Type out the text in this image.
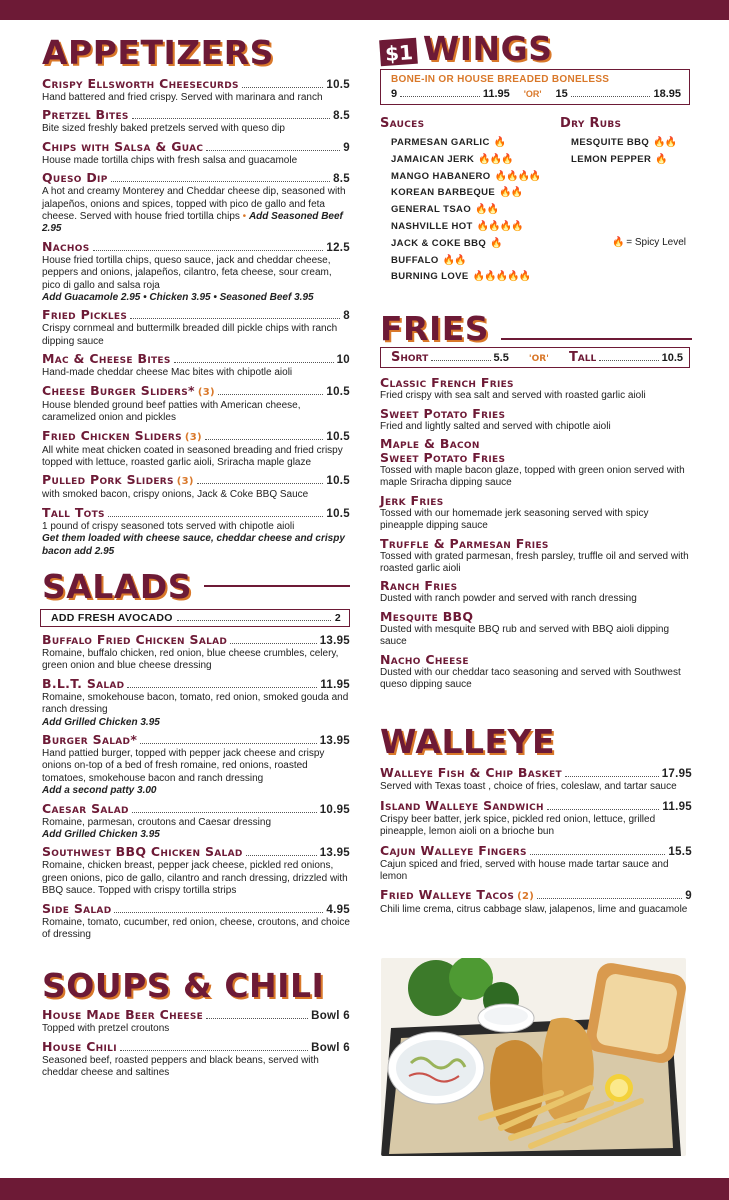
APPETIZERS
Crispy Ellsworth Cheesecurds	10.5
Hand battered and fried crispy. Served with marinara and ranch
Pretzel Bites	8.5
Bite sized freshly baked pretzels served with queso dip
Chips with Salsa & Guac	9
House made tortilla chips with fresh salsa and guacamole
Queso Dip	8.5
A hot and creamy Monterey and Cheddar cheese dip, seasoned with jalapeños, onions and spices, topped with pico de gallo and feta cheese. Served with house fried tortilla chips • Add Seasoned Beef 2.95
Nachos	12.5
House fried tortilla chips, queso sauce, jack and cheddar cheese, peppers and onions, jalapeños, cilantro, feta cheese, sour cream, pico di gallo and salsa roja
Add Guacamole 2.95 • Chicken 3.95 • Seasoned Beef 3.95
Fried Pickles	8
Crispy cornmeal and buttermilk breaded dill pickle chips with ranch dipping sauce
Mac & Cheese Bites	10
Hand-made cheddar cheese Mac bites with chipotle aioli
Cheese Burger Sliders* (3)	10.5
House blended ground beef patties with American cheese, caramelized onion and pickles
Fried Chicken Sliders (3)	10.5
All white meat chicken coated in seasoned breading and fried crispy topped with lettuce, roasted garlic aioli, Sriracha maple glaze
Pulled Pork Sliders (3)	10.5
with smoked bacon, crispy onions, Jack & Coke BBQ Sauce
Tall Tots	10.5
1 pound of crispy seasoned tots served with chipotle aioli
Get them loaded with cheese sauce, cheddar cheese and crispy bacon add 2.95
SALADS
ADD FRESH AVOCADO	2
Buffalo Fried Chicken Salad	13.95
Romaine, buffalo chicken, red onion, blue cheese crumbles, celery, green onion and blue cheese dressing
B.L.T. Salad	11.95
Romaine, smokehouse bacon, tomato, red onion, smoked gouda and ranch dressing
Add Grilled Chicken 3.95
Burger Salad*	13.95
Hand pattied burger, topped with pepper jack cheese and crispy onions on-top of a bed of fresh romaine, red onions, roasted tomatoes, smokehouse bacon and ranch dressing
Add a second patty 3.00
Caesar Salad	10.95
Romaine, parmesan, croutons and Caesar dressing
Add Grilled Chicken 3.95
Southwest BBQ Chicken Salad	13.95
Romaine, chicken breast, pepper jack cheese, pickled red onions, green onions, pico de gallo, cilantro and ranch dressing, drizzled with BBQ sauce. Topped with crispy tortilla strips
Side Salad	4.95
Romaine, tomato, cucumber, red onion, cheese, croutons, and choice of dressing
SOUPS & CHILI
House Made Beer Cheese	Bowl 6
Topped with pretzel croutons
House Chili	Bowl 6
Seasoned beef, roasted peppers and black beans, served with cheddar cheese and saltines
$1 WINGS
BONE-IN OR HOUSE BREADED BONELESS
9	11.95 'OR' 15	18.95
Sauces
PARMESAN GARLIC 🔥
JAMAICAN JERK 🔥🔥🔥
MANGO HABANERO 🔥🔥🔥🔥
KOREAN BARBEQUE 🔥🔥
GENERAL TSAO 🔥🔥
NASHVILLE HOT 🔥🔥🔥🔥
JACK & COKE BBQ 🔥
BUFFALO 🔥🔥
BURNING LOVE 🔥🔥🔥🔥🔥
Dry Rubs
MESQUITE BBQ 🔥🔥
LEMON PEPPER 🔥
🔥 = Spicy Level
FRIES
Short	5.5 'OR' Tall	10.5
Classic French Fries
Fried crispy with sea salt and served with roasted garlic aioli
Sweet Potato Fries
Fried and lightly salted and served with chipotle aioli
Maple & Bacon
Sweet Potato Fries
Tossed with maple bacon glaze, topped with green onion served with maple Sriracha dipping sauce
Jerk Fries
Tossed with our homemade jerk seasoning served with spicy pineapple dipping sauce
Truffle & Parmesan Fries
Tossed with grated parmesan, fresh parsley, truffle oil and served with roasted garlic aioli
Ranch Fries
Dusted with ranch powder and served with ranch dressing
Mesquite BBQ
Dusted with mesquite BBQ rub and served with BBQ aioli dipping sauce
Nacho Cheese
Dusted with our cheddar taco seasoning and served with Southwest queso dipping sauce
WALLEYE
Walleye Fish & Chip Basket	17.95
Served with Texas toast , choice of fries, coleslaw, and tartar sauce
Island Walleye Sandwich	11.95
Crispy beer batter, jerk spice, pickled red onion, lettuce, grilled pineapple, lemon aioli on a brioche bun
Cajun Walleye Fingers	15.5
Cajun spiced and fried, served with house made tartar sauce and lemon
Fried Walleye Tacos (2)	9
Chili lime crema, citrus cabbage slaw, jalapenos, lime and guacamole
